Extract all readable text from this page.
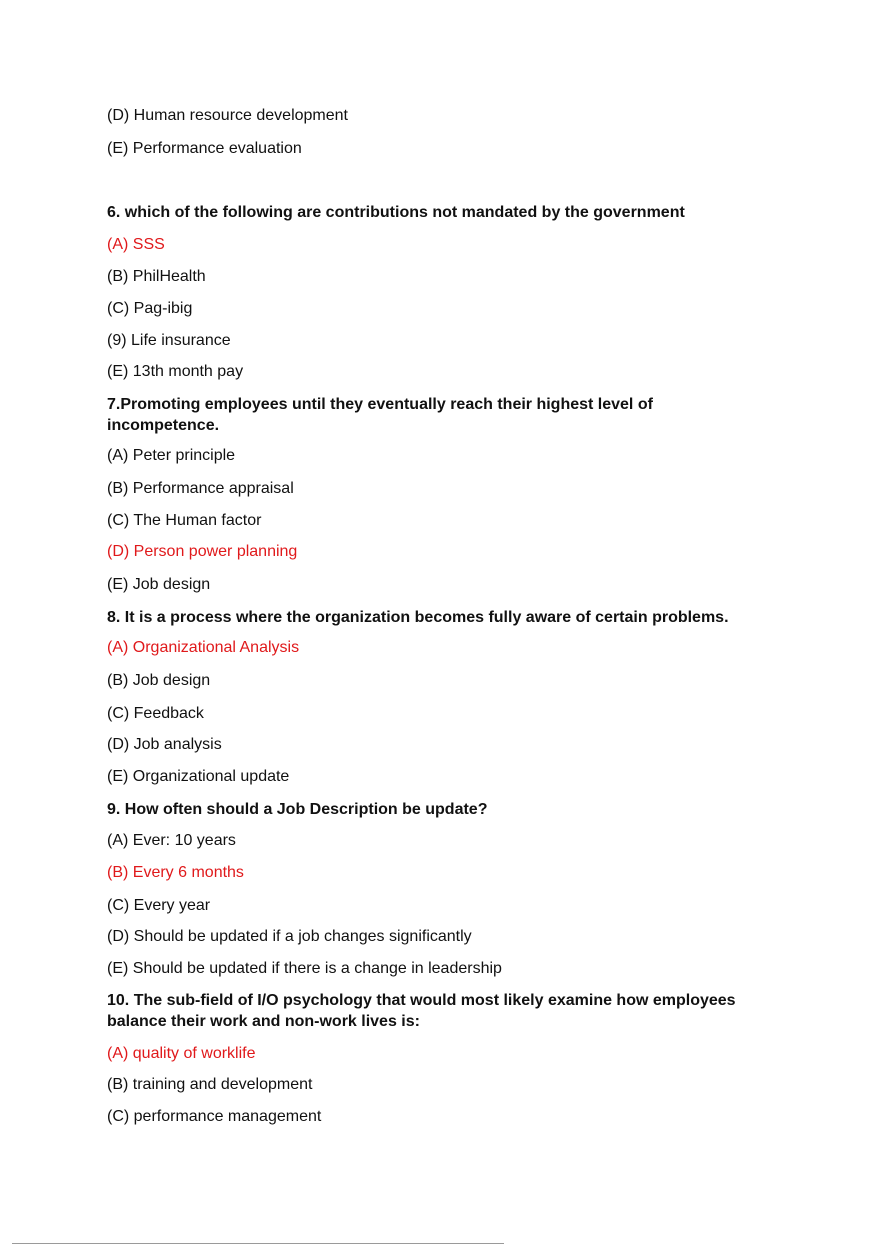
(D) Human resource development
(E) Performance evaluation
6. which of the following are contributions not mandated by the government
(A) SSS
(B) PhilHealth
(C) Pag-ibig
(9) Life insurance
(E) 13th month pay
7.Promoting employees until they eventually reach their highest level of
incompetence.
(A) Peter principle
(B) Performance appraisal
(C) The Human factor
(D) Person power planning
(E) Job design
8. It is a process where the organization becomes fully aware of certain problems.
(A) Organizational Analysis
(B) Job design
(C) Feedback
(D) Job analysis
(E) Organizational update
9. How often should a Job Description be update?
(A) Ever: 10 years
(B) Every 6 months
(C) Every year
(D) Should be updated if a job changes significantly
(E) Should be updated if there is a change in leadership
10. The sub-field of I/O psychology that would most likely examine how employees
balance their work and non-work lives is:
(A) quality of worklife
(B) training and development
(C) performance management
